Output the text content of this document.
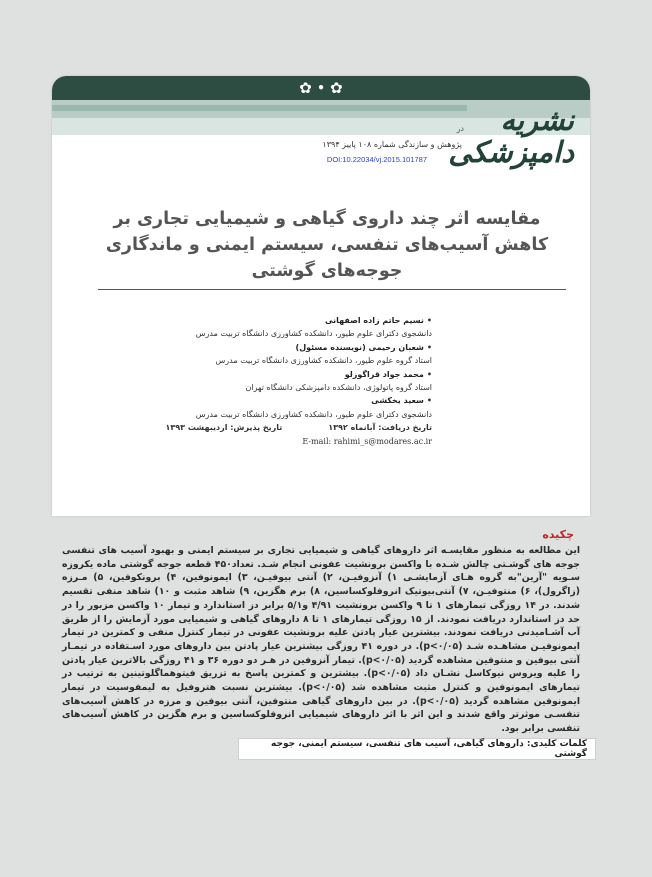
✿ • ✿
نشریه دامپزشکی
در
پژوهش و سازندگی شماره ۱۰۸ پاییز ۱۳۹۴
DOI:10.22034/vj.2015.101787
مقایسه اثر چند داروی گیاهی و شیمیایی تجاری بر کاهش آسیب‌های تنفسی، سیستم ایمنی و ماندگاری جوجه‌های گوشتی
•نسیم حاتم زاده اصفهانی
دانشجوی دکترای علوم طیور، دانشکده کشاورزی دانشگاه تربیت مدرس
•شعبان رحیمی (نویسنده مسئول)
استاد گروه علوم طیور، دانشکده کشاورزی دانشگاه تربیت مدرس
•محمد جواد قراگوزلو
استاد گروه پاتولوژی، دانشکده دامپزشکی دانشگاه تهران
•سعید یخکشی
دانشجوی دکترای علوم طیور، دانشکده کشاورزی دانشگاه تربیت مدرس
تاریخ دریافت: آبانماه ۱۳۹۲
تاریخ پذیرش: اردیبهشت ۱۳۹۳
E-mail: rahimi_s@modares.ac.ir
چکیده
این مطالعه به منظور مقایسـه اثر داروهای گیاهی و شیمیایی تجاری بر سیستم ایمنی و بهبود آسیب های تنفسی جوجه های گوشـتی چالش شـده با واکسن برونشیت عفونی انجام شـد. تعداد۴۵۰ قطعه جوجه گوشتی ماده یکروزه سـویه "آرین"به گروه هـای آزمایشـی ۱) آنزوفیـن، ۲) آنتی بیوفیـن، ۳) ایمونوفین، ۴) برونکوفین، ۵) مـرزه (زاگرول)، ۶) منتوفیـن، ۷) آنتی‌بیوتیک انروفلوکساسین، ۸) برم هگزین، ۹) شاهد مثبت و ۱۰) شاهد منفی تقسیم شدند. در ۱۴ روزگی تیمارهای ۱ تا ۹ واکسن برونشیت ۴/۹۱ و۵/۱ برابر دز استاندارد و تیمار ۱۰ واکسن مزبور را در حد دز استاندارد دریافت نمودند. از ۱۵ روزگی تیمارهای ۱ تا ۸ داروهای گیاهی و شیمیایی مورد آزمایش را از طریق آب آشـامیدنی دریافت نمودند. بیشترین عیار پادتن علیه برونشیت عفونی در تیمار کنترل منفی و کمترین در تیمار ایمونوفیـن مشاهـده شـد (p<۰/۰۵). در دوره ۴۱ روزگی بیشترین عیار پادتن بین داروهای مورد اسـتفاده در تیمـار آنتی بیوفین و منتوفین مشاهده گردید (p<۰/۰۵). تیمار آنزوفین در هـر دو دوره ۳۶ و ۴۱ روزگی بالاترین عیار پادتن را علیه ویروس نیوکاسل نشـان داد (p<۰/۰۵). بیشترین و کمترین پاسخ به تزریق فیتوهماگلوتینین به ترتیب در تیمارهای ایمونوفین و کنترل مثبت مشاهده شد (p<۰/۰۵). بیشترین نسبت هتروفیل به لیمفوسیت در تیمار ایمونوفین مشاهده گردید (p<۰/۰۵). در بین داروهای گیاهی منتوفین، آنتی بیوفین و مرزه در کاهش آسیب‌های تنفسـی موثرتر واقع شدند و این اثر با اثر داروهای شیمیایی انروفلوکساسین و برم هگزین در کاهش آسیب‌های تنفسی برابر بود.
کلمات کلیدی: داروهای گیاهی، آسیب های تنفسی، سیستم ایمنی، جوجه گوشتی
